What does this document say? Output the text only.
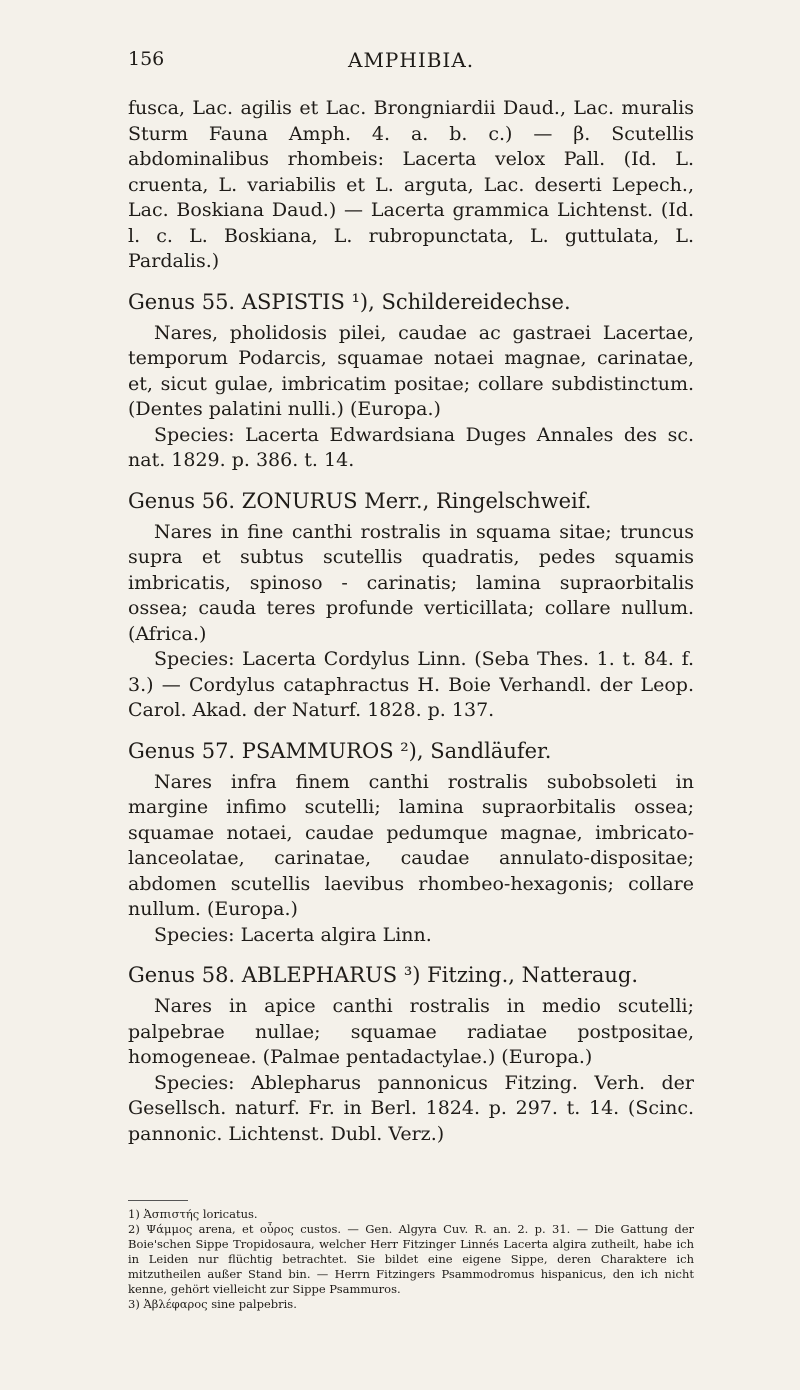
156	AMPHIBIA.

fusca, Lac. agilis et Lac. Brongniardii Daud., Lac. muralis Sturm Fauna Amph. 4. a. b. c.) — β. Scutellis abdominalibus rhombeis: Lacerta velox Pall. (Id. L. cruenta, L. variabilis et L. arguta, Lac. deserti Lepech., Lac. Boskiana Daud.) — Lacerta grammica Lichtenst. (Id. l. c. L. Boskiana, L. rubropunctata, L. guttulata, L. Pardalis.)

Genus 55. ASPISTIS ¹), Schildereidechse.

Nares, pholidosis pilei, caudae ac gastraei Lacertae, temporum Podarcis, squamae notaei magnae, carinatae, et, sicut gulae, imbricatim positae; collare subdistinctum. (Dentes palatini nulli.) (Europa.)

Species: Lacerta Edwardsiana Duges Annales des sc. nat. 1829. p. 386. t. 14.

Genus 56. ZONURUS Merr., Ringelschweif.

Nares in fine canthi rostralis in squama sitae; truncus supra et subtus scutellis quadratis, pedes squamis imbricatis, spinoso - carinatis; lamina supraorbitalis ossea; cauda teres profunde verticillata; collare nullum. (Africa.)

Species: Lacerta Cordylus Linn. (Seba Thes. 1. t. 84. f. 3.) — Cordylus cataphractus H. Boie Verhandl. der Leop. Carol. Akad. der Naturf. 1828. p. 137.

Genus 57. PSAMMUROS ²), Sandläufer.

Nares infra finem canthi rostralis subobsoleti in margine infimo scutelli; lamina supraorbitalis ossea; squamae notaei, caudae pedumque magnae, imbricato-lanceolatae, carinatae, caudae annulato-dispositae; abdomen scutellis laevibus rhombeo-hexagonis; collare nullum. (Europa.)

Species: Lacerta algira Linn.

Genus 58. ABLEPHARUS ³) Fitzing., Natteraug.

Nares in apice canthi rostralis in medio scutelli; palpebrae nullae; squamae radiatae postpositae, homogeneae. (Palmae pentadactylae.) (Europa.)

Species: Ablepharus pannonicus Fitzing. Verh. der Gesellsch. naturf. Fr. in Berl. 1824. p. 297. t. 14. (Scinc. pannonic. Lichtenst. Dubl. Verz.)

1) Ἀσπιστής loricatus.

2) Ψάμμος arena, et οὖρος custos. — Gen. Algyra Cuv. R. an. 2. p. 31. — Die Gattung der Boie'schen Sippe Tropidosaura, welcher Herr Fitzinger Linnés Lacerta algira zutheilt, habe ich in Leiden nur flüchtig betrachtet. Sie bildet eine eigene Sippe, deren Charaktere ich mitzutheilen außer Stand bin. — Herrn Fitzingers Psammodromus hispanicus, den ich nicht kenne, gehört vielleicht zur Sippe Psammuros.

3) Ἀβλέφαρος sine palpebris.
